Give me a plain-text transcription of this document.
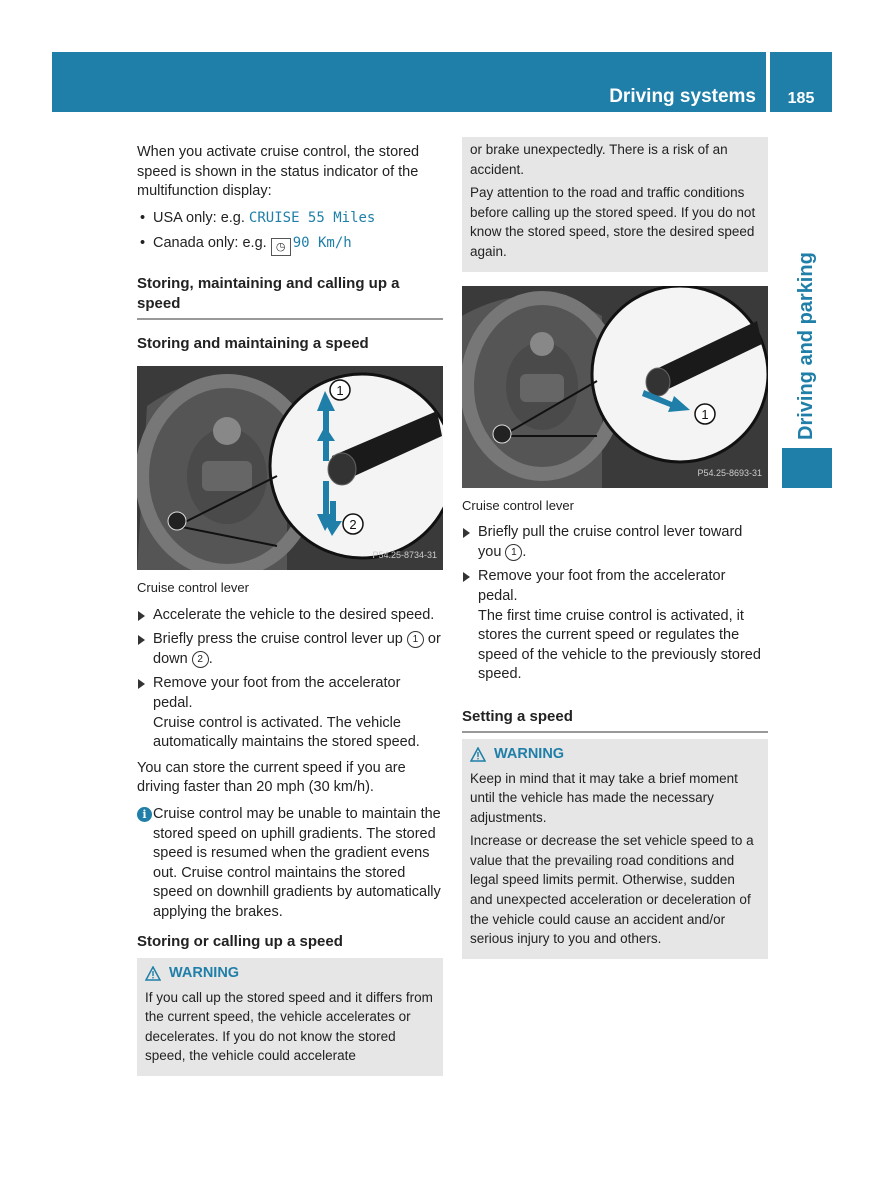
Driving systems	185
Driving and parking

When you activate cruise control, the stored speed is shown in the status indicator of the multifunction display:

• USA only: e.g. CRUISE 55 Miles
• Canada only: e.g. ◷ 90 Km/h
Storing, maintaining and calling up a speed
Storing and maintaining a speed
1
2
P54.25-8734-31
Cruise control lever
Accelerate the vehicle to the desired speed.
Briefly press the cruise control lever up 1 or down 2 .
Remove your foot from the accelerator pedal.
Cruise control is activated. The vehicle automatically maintains the stored speed.

You can store the current speed if you are driving faster than 20 mph (30 km/h).

i Cruise control may be unable to maintain the stored speed on uphill gradients. The stored speed is resumed when the gradient evens out. Cruise control maintains the stored speed on downhill gradients by automatically applying the brakes.
Storing or calling up a speed
WARNING

If you call up the stored speed and it differs from the current speed, the vehicle accelerates or decelerates. If you do not know the stored speed, the vehicle could accelerate

or brake unexpectedly. There is a risk of an accident.

Pay attention to the road and traffic conditions before calling up the stored speed. If you do not know the stored speed, store the desired speed again.

1
P54.25-8693-31
Cruise control lever
Briefly pull the cruise control lever toward you 1 .
Remove your foot from the accelerator pedal.
The first time cruise control is activated, it stores the current speed or regulates the speed of the vehicle to the previously stored speed.
Setting a speed
WARNING

Keep in mind that it may take a brief moment until the vehicle has made the necessary adjustments.

Increase or decrease the set vehicle speed to a value that the prevailing road conditions and legal speed limits permit. Otherwise, sudden and unexpected acceleration or deceleration of the vehicle could cause an accident and/or serious injury to you and others.
